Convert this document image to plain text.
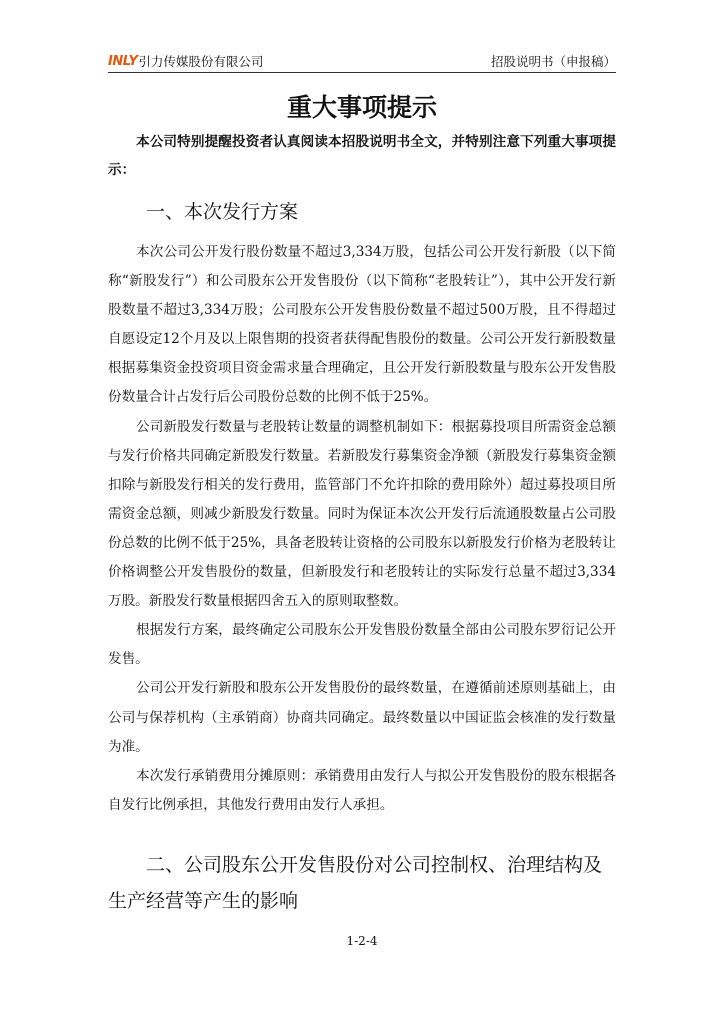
INLY 引力传媒股份有限公司	招股说明书（申报稿）
重大事项提示
本公司特别提醒投资者认真阅读本招股说明书全文，并特别注意下列重大事项提示：
一、本次发行方案

本次公司公开发行股份数量不超过3,334万股，包括公司公开发行新股（以下简称“新股发行”）和公司股东公开发售股份（以下简称“老股转让”），其中公开发行新股数量不超过3,334万股；公司股东公开发售股份数量不超过500万股，且不得超过自愿设定12个月及以上限售期的投资者获得配售股份的数量。公司公开发行新股数量根据募集资金投资项目资金需求量合理确定，且公开发行新股数量与股东公开发售股份数量合计占发行后公司股份总数的比例不低于25%。

公司新股发行数量与老股转让数量的调整机制如下：根据募投项目所需资金总额与发行价格共同确定新股发行数量。若新股发行募集资金净额（新股发行募集资金额扣除与新股发行相关的发行费用，监管部门不允许扣除的费用除外）超过募投项目所需资金总额，则减少新股发行数量。同时为保证本次公开发行后流通股数量占公司股份总数的比例不低于25%，具备老股转让资格的公司股东以新股发行价格为老股转让价格调整公开发售股份的数量，但新股发行和老股转让的实际发行总量不超过3,334万股。新股发行数量根据四舍五入的原则取整数。

根据发行方案，最终确定公司股东公开发售股份数量全部由公司股东罗衍记公开发售。

公司公开发行新股和股东公开发售股份的最终数量，在遵循前述原则基础上，由公司与保荐机构（主承销商）协商共同确定。最终数量以中国证监会核准的发行数量为准。

本次发行承销费用分摊原则：承销费用由发行人与拟公开发售股份的股东根据各自发行比例承担，其他发行费用由发行人承担。

二、公司股东公开发售股份对公司控制权、治理结构及生产经营等产生的影响
1-2-4
